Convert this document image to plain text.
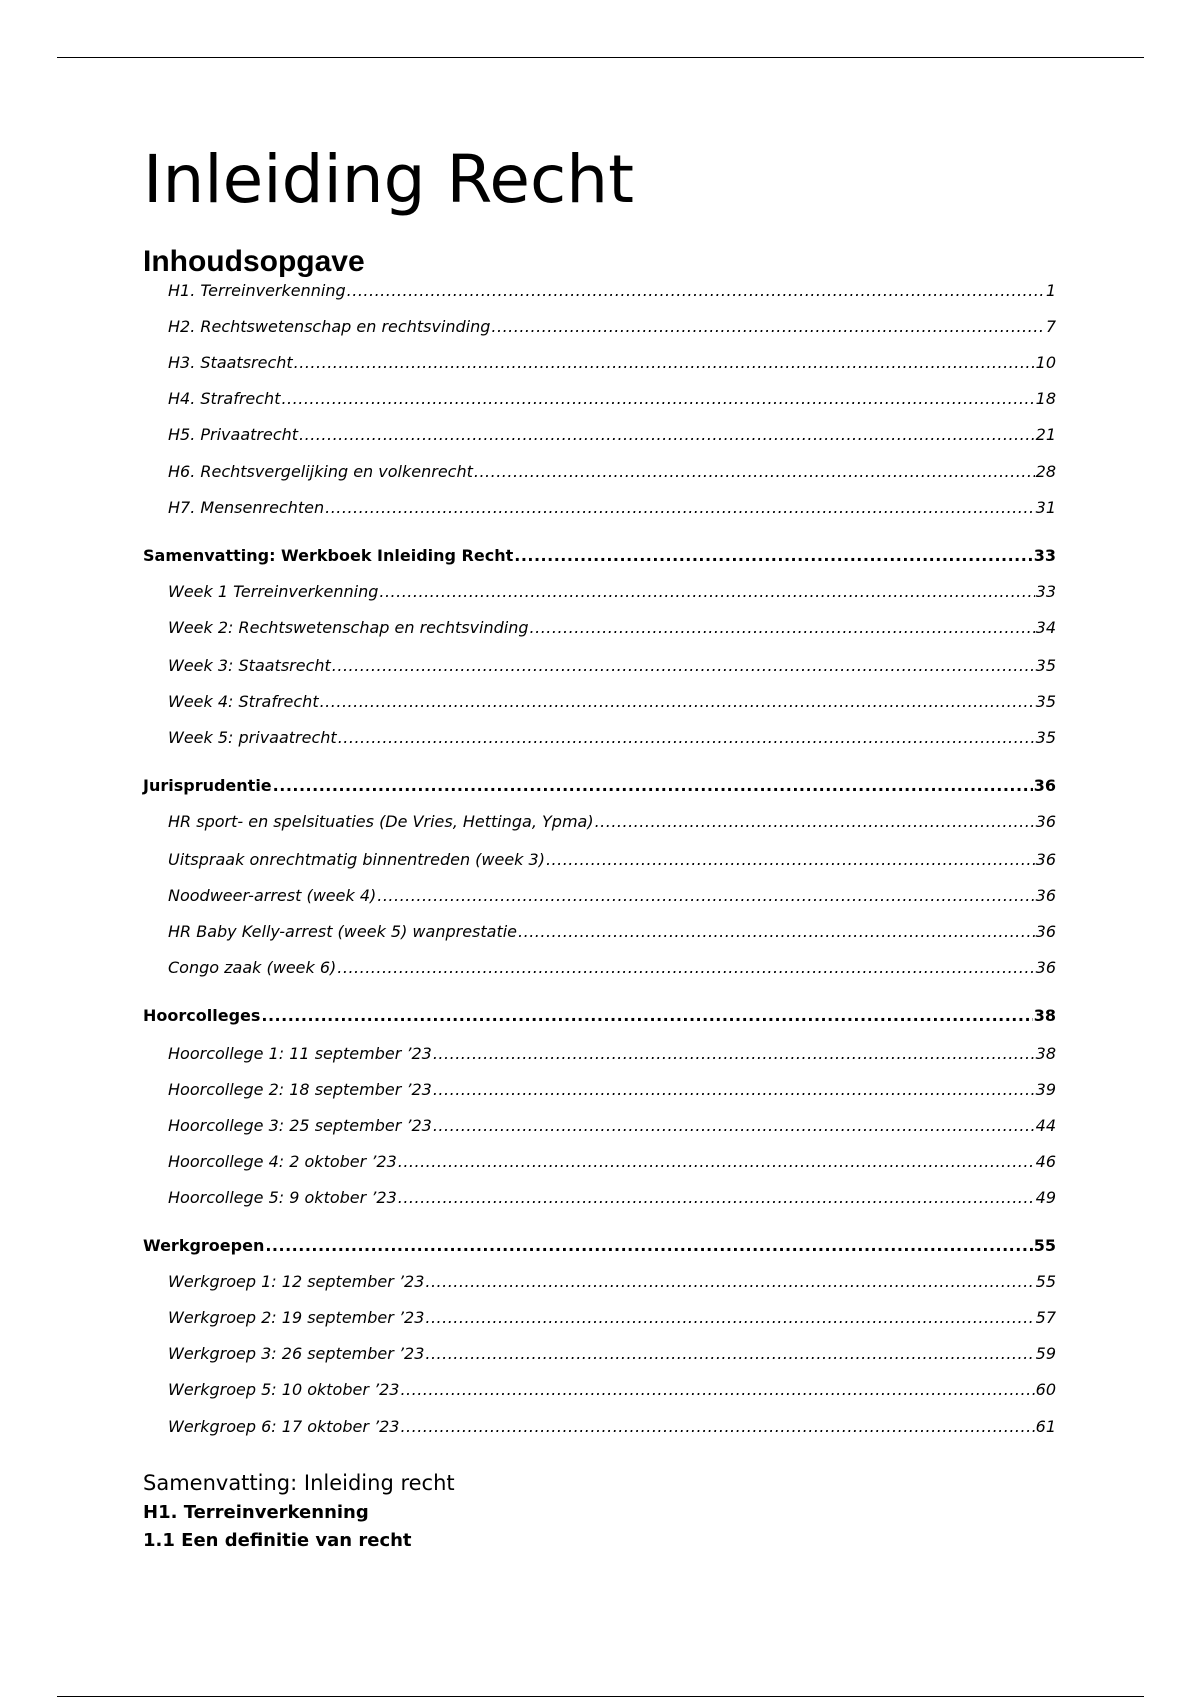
Inleiding Recht
Inhoudsopgave
H1. Terreinverkenning .....	1
H2. Rechtswetenschap en rechtsvinding .....	7
H3. Staatsrecht .....	10
H4. Strafrecht .....	18
H5. Privaatrecht .....	21
H6. Rechtsvergelijking en volkenrecht .....	28
H7. Mensenrechten .....	31
Samenvatting: Werkboek Inleiding Recht .....	33
Week 1 Terreinverkenning .....	33
Week 2: Rechtswetenschap en rechtsvinding .....	34
Week 3: Staatsrecht .....	35
Week 4: Strafrecht .....	35
Week 5: privaatrecht .....	35
Jurisprudentie .....	36
HR sport- en spelsituaties (De Vries, Hettinga, Ypma) .....	36
Uitspraak onrechtmatig binnentreden (week 3) .....	36
Noodweer-arrest (week 4) .....	36
HR Baby Kelly-arrest (week 5) wanprestatie .....	36
Congo zaak (week 6) .....	36
Hoorcolleges .....	38
Hoorcollege 1: 11 september ’23 .....	38
Hoorcollege 2: 18 september ’23 .....	39
Hoorcollege 3: 25 september ’23 .....	44
Hoorcollege 4: 2 oktober ’23 .....	46
Hoorcollege 5: 9 oktober ’23 .....	49
Werkgroepen .....	55
Werkgroep 1: 12 september ’23 .....	55
Werkgroep 2: 19 september ’23 .....	57
Werkgroep 3: 26 september ’23 .....	59
Werkgroep 5: 10 oktober ’23 .....	60
Werkgroep 6: 17 oktober ’23 .....	61
Samenvatting: Inleiding recht
H1. Terreinverkenning
1.1 Een definitie van recht
